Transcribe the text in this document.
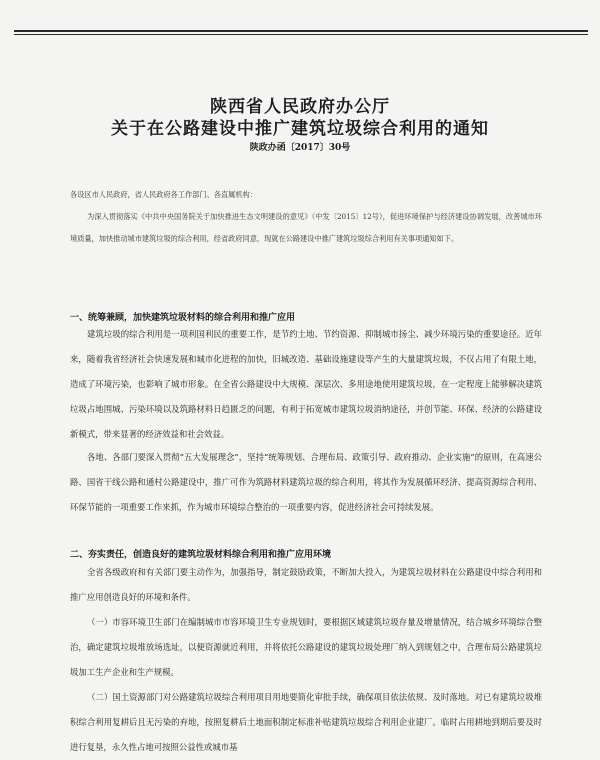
陕西省人民政府办公厅
关于在公路建设中推广建筑垃圾综合利用的通知
陕政办函〔2017〕30号
各设区市人民政府，省人民政府各工作部门、各直属机构：
为深入贯彻落实《中共中央国务院关于加快推进生态文明建设的意见》（中发〔2015〕12号），促进环境保护与经济建设协调发展，改善城市环境质量，加快推动城市建筑垃圾的综合利用，经省政府同意，现就在公路建设中推广建筑垃圾综合利用有关事项通知如下。
一、统筹兼顾，加快建筑垃圾材料的综合利用和推广应用
建筑垃圾的综合利用是一项利国利民的重要工作，是节约土地、节约资源、抑制城市扬尘、减少环境污染的重要途径。近年来，随着我省经济社会快速发展和城市化进程的加快，旧城改造、基础设施建设等产生的大量建筑垃圾，不仅占用了有限土地，造成了环境污染，也影响了城市形象。在全省公路建设中大规模、深层次、多用途地使用建筑垃圾，在一定程度上能够解决建筑垃圾占地围城、污染环境以及筑路材料日趋匮乏的问题，有利于拓宽城市建筑垃圾消纳途径，并创节能、环保、经济的公路建设新模式，带来显著的经济效益和社会效益。
各地、各部门要深入贯彻“五大发展理念”，坚持“统筹规划、合理布局、政策引导、政府推动、企业实施”的原则，在高速公路、国省干线公路和通村公路建设中，推广可作为筑路材料建筑垃圾的综合利用，将其作为发展循环经济、提高资源综合利用、环保节能的一项重要工作来抓，作为城市环境综合整治的一项重要内容，促进经济社会可持续发展。
二、夯实责任，创造良好的建筑垃圾材料综合利用和推广应用环境
全省各级政府和有关部门要主动作为，加强指导，制定鼓励政策，不断加大投入，为建筑垃圾材料在公路建设中综合利用和推广应用创造良好的环境和条件。
（一）市容环境卫生部门在编制城市市容环境卫生专业规划时，要根据区域建筑垃圾存量及增量情况，结合城乡环境综合整治，确定建筑垃圾堆放场选址，以便资源就近利用，并将依托公路建设的建筑垃圾处理厂纳入到规划之中，合理布局公路建筑垃圾加工生产企业和生产规模。
（二）国土资源部门对公路建筑垃圾综合利用项目用地要简化审批手续，确保项目依法依规、及时落地。对已有建筑垃圾堆积综合利用复耕后且无污染的弃地，按照复耕后土地面积制定标准补贴建筑垃圾综合利用企业建厂。临时占用耕地到期后要及时进行复垦，永久性占地可按照公益性或城市基
